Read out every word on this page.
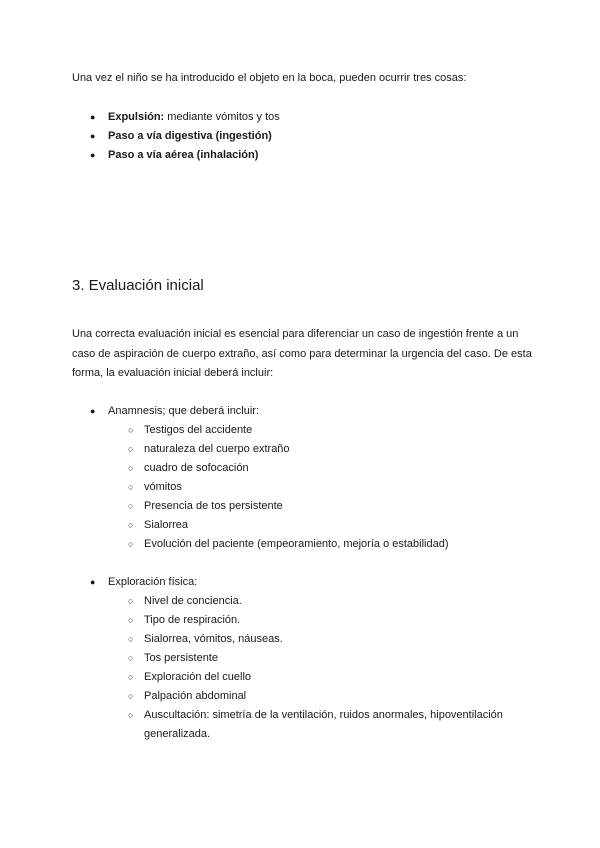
Una vez el niño se ha introducido el objeto en la boca, pueden ocurrir tres cosas:

● Expulsión: mediante vómitos y tos
● Paso a vía digestiva (ingestión)
● Paso a vía aérea (inhalación)
3. Evaluación inicial

Una correcta evaluación inicial es esencial para diferenciar un caso de ingestión frente a un caso de aspiración de cuerpo extraño, así como para determinar la urgencia del caso. De esta forma, la evaluación inicial deberá incluir:

● Anamnesis; que deberá incluir:
○ Testigos del accidente
○ naturaleza del cuerpo extraño
○ cuadro de sofocación
○ vómitos
○ Presencia de tos persistente
○ Sialorrea
○ Evolución del paciente (empeoramiento, mejoría o estabilidad)
● Exploración física:
○ Nivel de conciencia.
○ Tipo de respiración.
○ Sialorrea, vómitos, náuseas.
○ Tos persistente
○ Exploración del cuello
○ Palpación abdominal
○ Auscultación: simetría de la ventilación, ruidos anormales, hipoventilación generalizada.
